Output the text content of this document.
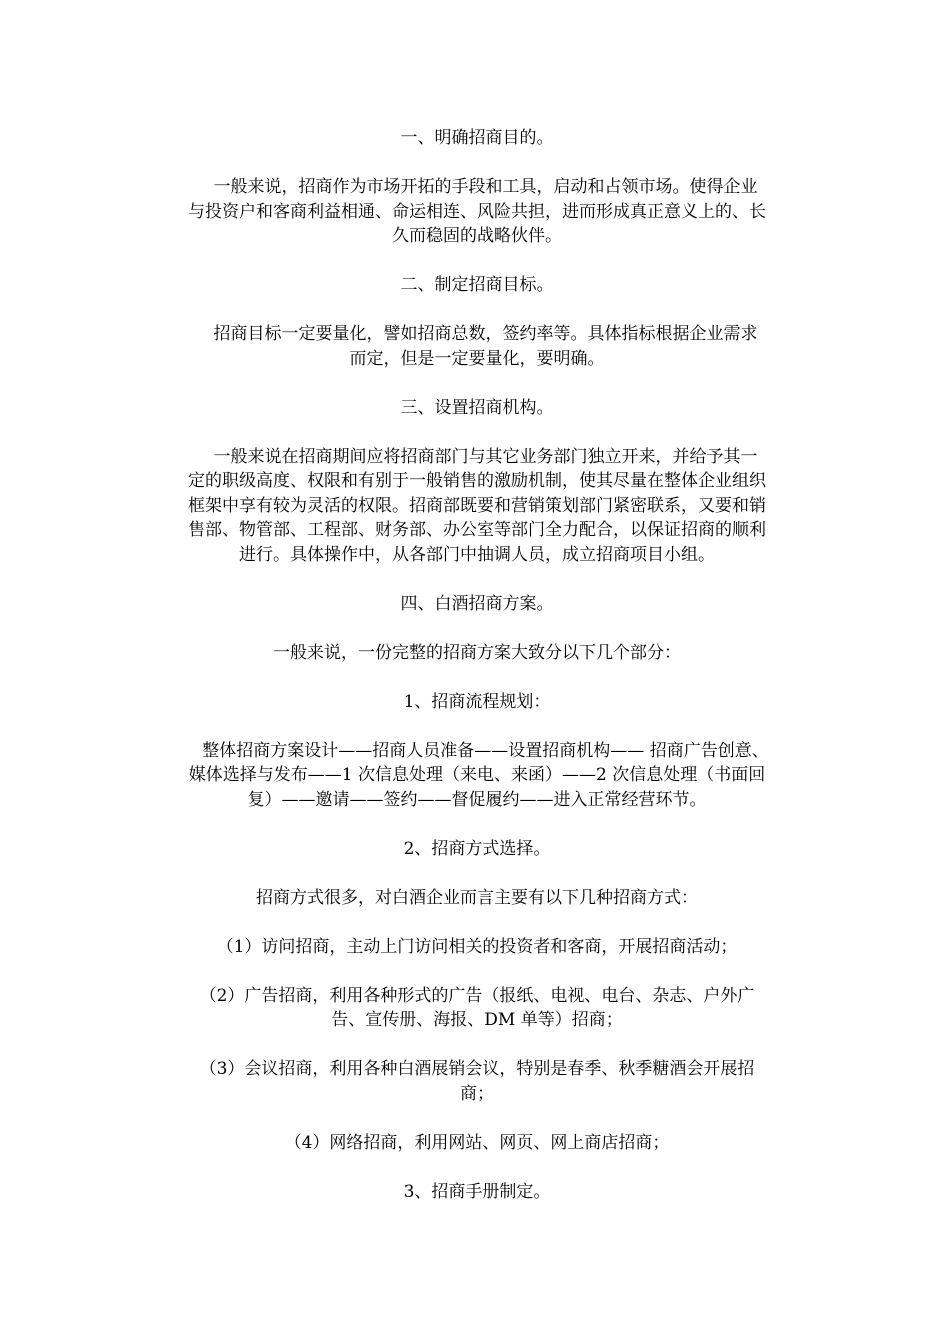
一、明确招商目的。

　一般来说，招商作为市场开拓的手段和工具，启动和占领市场。使得企业
与投资户和客商利益相通、命运相连、风险共担，进而形成真正意义上的、长
久而稳固的战略伙伴。

二、制定招商目标。

　招商目标一定要量化，譬如招商总数，签约率等。具体指标根据企业需求
而定，但是一定要量化，要明确。

三、设置招商机构。

　一般来说在招商期间应将招商部门与其它业务部门独立开来，并给予其一
定的职级高度、权限和有别于一般销售的激励机制，使其尽量在整体企业组织
框架中享有较为灵活的权限。招商部既要和营销策划部门紧密联系，又要和销
售部、物管部、工程部、财务部、办公室等部门全力配合，以保证招商的顺利
进行。具体操作中，从各部门中抽调人员，成立招商项目小组。

四、白酒招商方案。

一般来说，一份完整的招商方案大致分以下几个部分：

1、招商流程规划：

　整体招商方案设计——招商人员准备——设置招商机构—— 招商广告创意、
媒体选择与发布——1 次信息处理（来电、来函）——2 次信息处理（书面回
复）——邀请——签约——督促履约——进入正常经营环节。

2、招商方式选择。

招商方式很多，对白酒企业而言主要有以下几种招商方式：

（1）访问招商，主动上门访问相关的投资者和客商，开展招商活动；

（2）广告招商，利用各种形式的广告（报纸、电视、电台、杂志、户外广
告、宣传册、海报、DM 单等）招商；

（3）会议招商，利用各种白酒展销会议，特别是春季、秋季糖酒会开展招
商；

（4）网络招商，利用网站、网页、网上商店招商；

3、招商手册制定。
